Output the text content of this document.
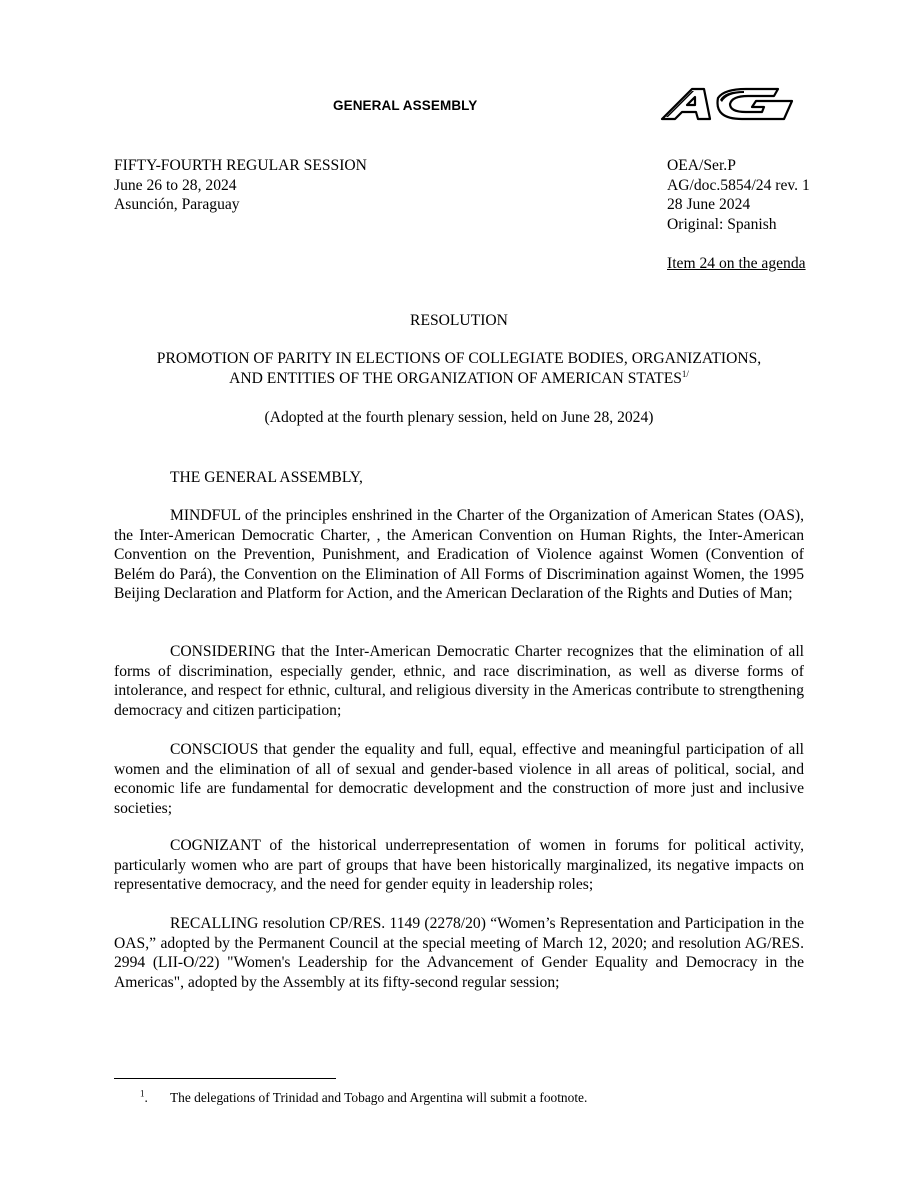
GENERAL ASSEMBLY
FIFTY-FOURTH REGULAR SESSION
June 26 to 28, 2024
Asunción, Paraguay
OEA/Ser.P
AG/doc.5854/24 rev. 1
28 June 2024
Original: Spanish
Item 24 on the agenda
RESOLUTION
PROMOTION OF PARITY IN ELECTIONS OF COLLEGIATE BODIES, ORGANIZATIONS,
AND ENTITIES OF THE ORGANIZATION OF AMERICAN $STATES^{1/}$
(Adopted at the fourth plenary session, held on June 28, 2024)
THE GENERAL ASSEMBLY,

MINDFUL of the principles enshrined in the Charter of the Organization of American States (OAS), the Inter-American Democratic Charter, , the American Convention on Human Rights, the Inter-American Convention on the Prevention, Punishment, and Eradication of Violence against Women (Convention of Belém do Pará), the Convention on the Elimination of All Forms of Discrimination against Women, the 1995 Beijing Declaration and Platform for Action, and the American Declaration of the Rights and Duties of Man;

CONSIDERING that the Inter-American Democratic Charter recognizes that the elimination of all forms of discrimination, especially gender, ethnic, and race discrimination, as well as diverse forms of intolerance, and respect for ethnic, cultural, and religious diversity in the Americas contribute to strengthening democracy and citizen participation;

CONSCIOUS that gender the equality and full, equal, effective and meaningful participation of all women and the elimination of all of sexual and gender-based violence in all areas of political, social, and economic life are fundamental for democratic development and the construction of more just and inclusive societies;

COGNIZANT of the historical underrepresentation of women in forums for political activity, particularly women who are part of groups that have been historically marginalized, its negative impacts on representative democracy, and the need for gender equity in leadership roles;

RECALLING resolution CP/RES. 1149 (2278/20) “Women’s Representation and Participation in the OAS,” adopted by the Permanent Council at the special meeting of March 12, 2020; and resolution AG/RES. 2994 (LII-O/22) "Women's Leadership for the Advancement of Gender Equality and Democracy in the Americas", adopted by the Assembly at its fifty-second regular session;

$^1$. The delegations of Trinidad and Tobago and Argentina will submit a footnote.
